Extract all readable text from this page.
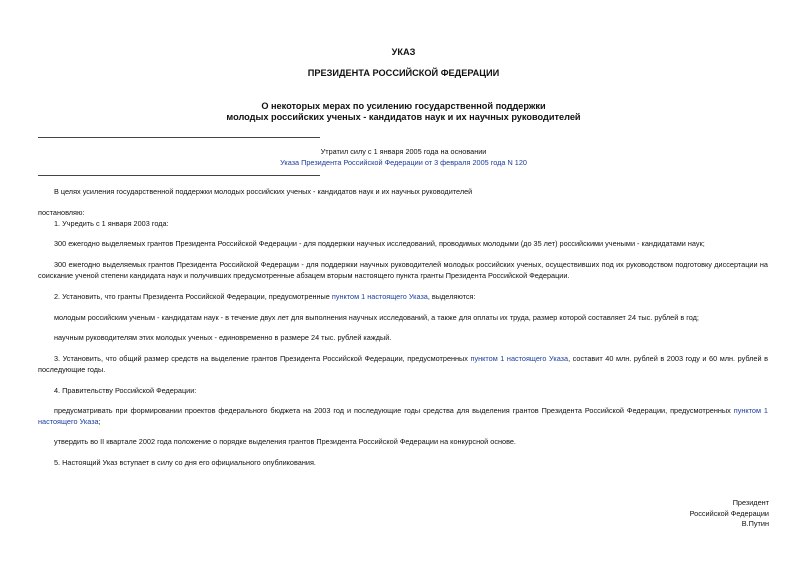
УКАЗ
ПРЕЗИДЕНТА РОССИЙСКОЙ ФЕДЕРАЦИИ
О некоторых мерах по усилению государственной поддержки
молодых российских ученых - кандидатов наук и их научных руководителей
Утратил силу с 1 января 2005 года на основании
Указа Президента Российской Федерации от 3 февраля 2005 года N 120
В целях усиления государственной поддержки молодых российских ученых - кандидатов наук и их научных руководителей
постановляю:
1. Учредить с 1 января 2003 года:
300 ежегодно выделяемых грантов Президента Российской Федерации - для поддержки научных исследований, проводимых молодыми (до 35 лет) российскими учеными - кандидатами наук;
300 ежегодно выделяемых грантов Президента Российской Федерации - для поддержки научных руководителей молодых российских ученых, осуществивших под их руководством подготовку диссертации на соискание ученой степени кандидата наук и получивших предусмотренные абзацем вторым настоящего пункта гранты Президента Российской Федерации.
2. Установить, что гранты Президента Российской Федерации, предусмотренные пунктом 1 настоящего Указа, выделяются:
молодым российским ученым - кандидатам наук - в течение двух лет для выполнения научных исследований, а также для оплаты их труда, размер которой составляет 24 тыс. рублей в год;
научным руководителям этих молодых ученых - единовременно в размере 24 тыс. рублей каждый.
3. Установить, что общий размер средств на выделение грантов Президента Российской Федерации, предусмотренных пунктом 1 настоящего Указа, составит 40 млн. рублей в 2003 году и 60 млн. рублей в последующие годы.
4. Правительству Российской Федерации:
предусматривать при формировании проектов федерального бюджета на 2003 год и последующие годы средства для выделения грантов Президента Российской Федерации, предусмотренных пунктом 1 настоящего Указа;
утвердить во II квартале 2002 года положение о порядке выделения грантов Президента Российской Федерации на конкурсной основе.
5. Настоящий Указ вступает в силу со дня его официального опубликования.
Президент
Российской Федерации
В.Путин
